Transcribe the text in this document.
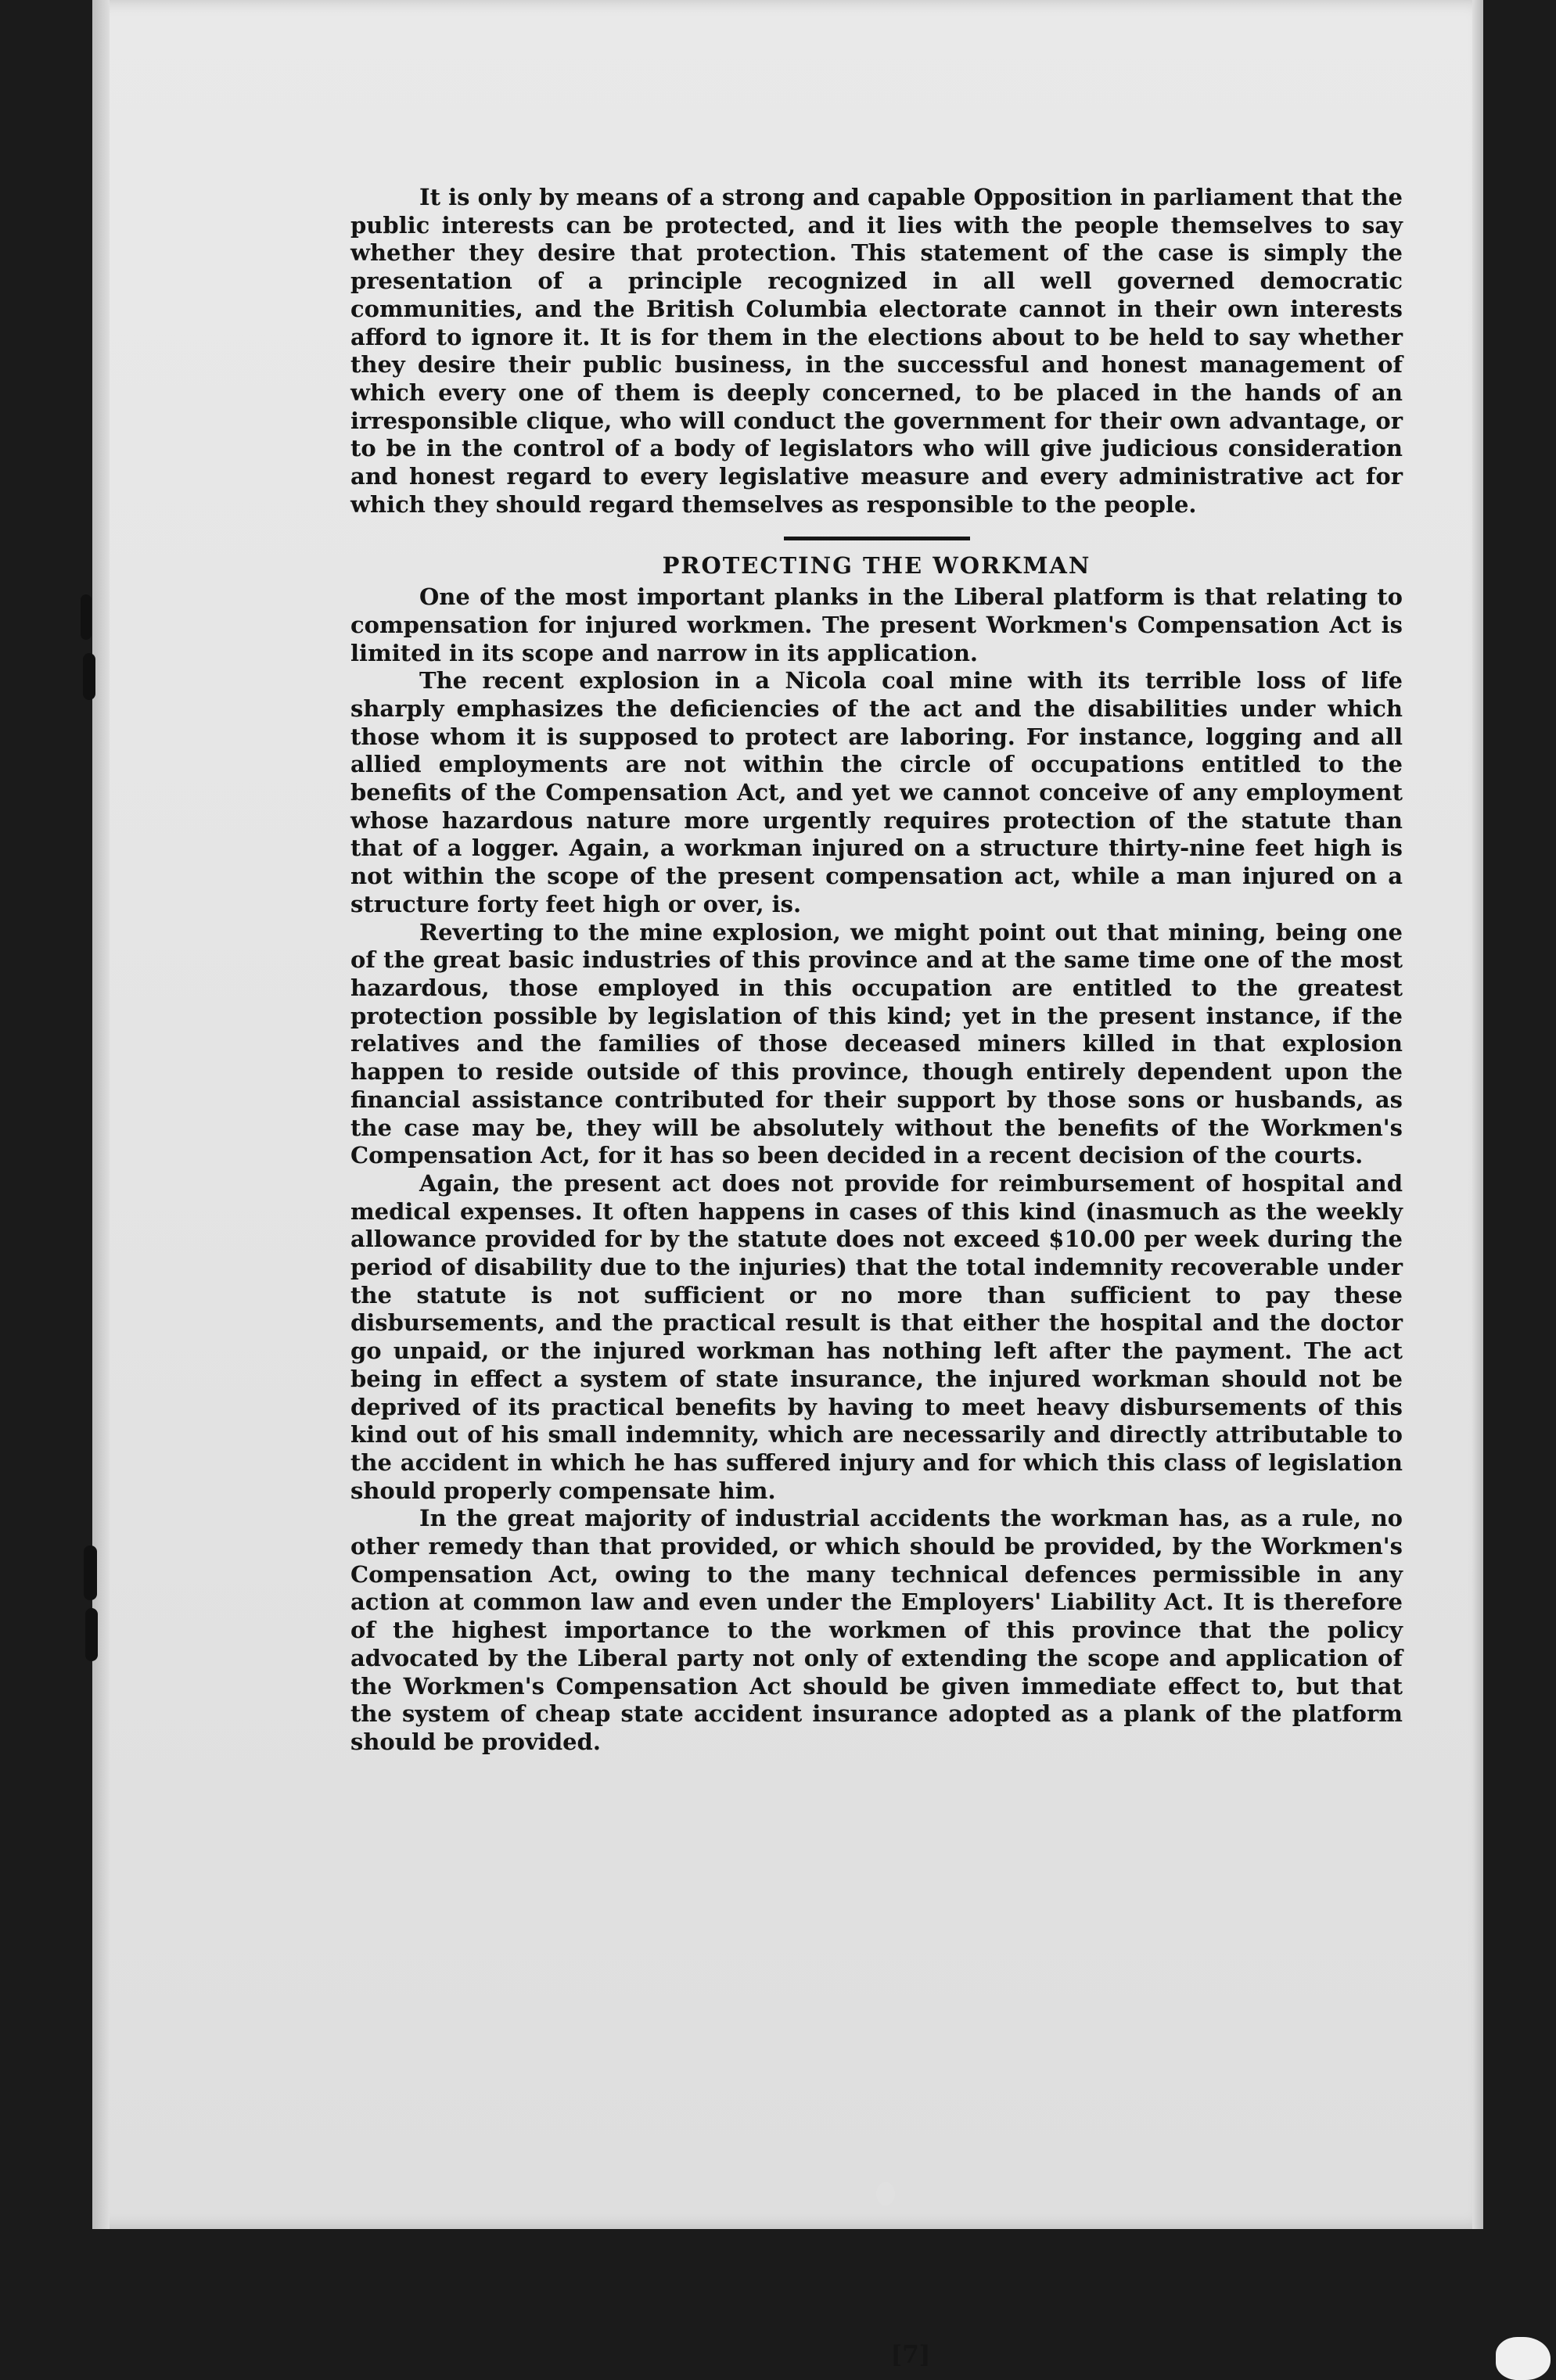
It is only by means of a strong and capable Opposition in parliament that the public interests can be protected, and it lies with the people themselves to say whether they desire that protection. This statement of the case is simply the presentation of a principle recognized in all well governed democratic communities, and the British Columbia electorate cannot in their own interests afford to ignore it. It is for them in the elections about to be held to say whether they desire their public business, in the successful and honest management of which every one of them is deeply concerned, to be placed in the hands of an irresponsible clique, who will conduct the government for their own advantage, or to be in the control of a body of legislators who will give judicious consideration and honest regard to every legislative measure and every administrative act for which they should regard themselves as responsible to the people.

PROTECTING THE WORKMAN

One of the most important planks in the Liberal platform is that relating to compensation for injured workmen. The present Workmen's Compensation Act is limited in its scope and narrow in its application.

The recent explosion in a Nicola coal mine with its terrible loss of life sharply emphasizes the deficiencies of the act and the disabilities under which those whom it is supposed to protect are laboring. For instance, logging and all allied employments are not within the circle of occupations entitled to the benefits of the Compensation Act, and yet we cannot conceive of any employment whose hazardous nature more urgently requires protection of the statute than that of a logger. Again, a workman injured on a structure thirty-nine feet high is not within the scope of the present compensation act, while a man injured on a structure forty feet high or over, is.

Reverting to the mine explosion, we might point out that mining, being one of the great basic industries of this province and at the same time one of the most hazardous, those employed in this occupation are entitled to the greatest protection possible by legislation of this kind; yet in the present instance, if the relatives and the families of those deceased miners killed in that explosion happen to reside outside of this province, though entirely dependent upon the financial assistance contributed for their support by those sons or husbands, as the case may be, they will be absolutely without the benefits of the Workmen's Compensation Act, for it has so been decided in a recent decision of the courts.

Again, the present act does not provide for reimbursement of hospital and medical expenses. It often happens in cases of this kind (inasmuch as the weekly allowance provided for by the statute does not exceed $10.00 per week during the period of disability due to the injuries) that the total indemnity recoverable under the statute is not sufficient or no more than sufficient to pay these disbursements, and the practical result is that either the hospital and the doctor go unpaid, or the injured workman has nothing left after the payment. The act being in effect a system of state insurance, the injured workman should not be deprived of its practical benefits by having to meet heavy disbursements of this kind out of his small indemnity, which are necessarily and directly attributable to the accident in which he has suffered injury and for which this class of legislation should properly compensate him.

In the great majority of industrial accidents the workman has, as a rule, no other remedy than that provided, or which should be provided, by the Workmen's Compensation Act, owing to the many technical defences permissible in any action at common law and even under the Employers' Liability Act. It is therefore of the highest importance to the workmen of this province that the policy advocated by the Liberal party not only of extending the scope and application of the Workmen's Compensation Act should be given immediate effect to, but that the system of cheap state accident insurance adopted as a plank of the platform should be provided.

[7]
